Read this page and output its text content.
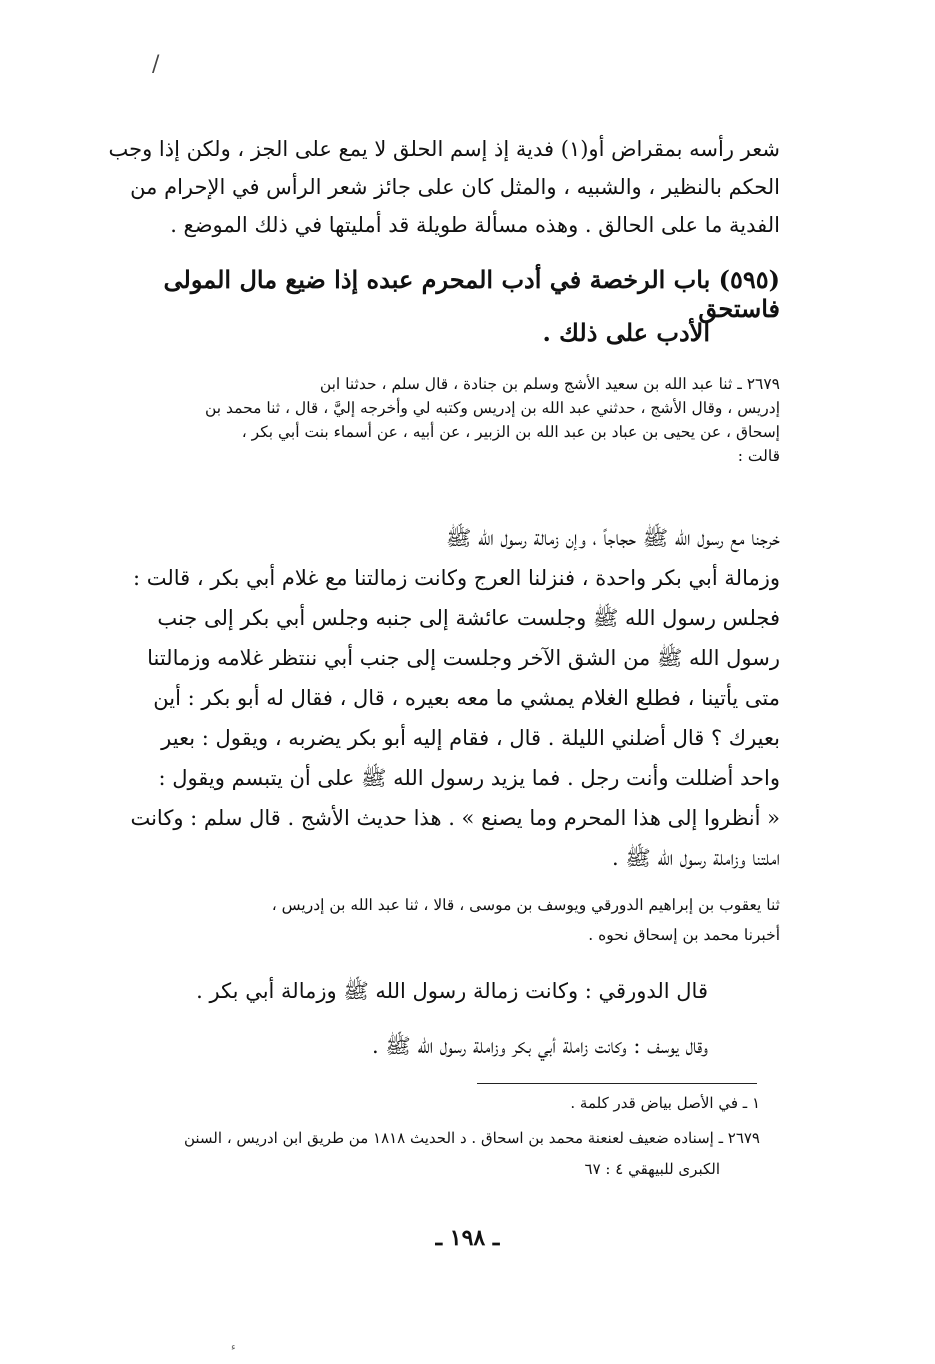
/
شعر رأسه بمقراض أو(١) فدية إذ إسم الحلق لا يمع على الجز ، ولكن إذا وجب
الحكم بالنظير ، والشبيه ، والمثل كان على جائز شعر الرأس في الإحرام من
الفدية ما على الحالق . وهذه مسألة طويلة قد أمليتها في ذلك الموضع .
(٥٩٥) باب الرخصة في أدب المحرم عبده إذا ضيع مال المولى فاستحق
الأدب على ذلك .
٢٦٧٩ ـ ثنا عبد الله بن سعيد الأشج وسلم بن جنادة ، قال سلم ، حدثنا ابن
إدريس ، وقال الأشج ، حدثني عبد الله بن إدريس وكتبه لي وأخرجه إليَّ ، قال ، ثنا محمد بن
إسحاق ، عن يحيى بن عباد بن عبد الله بن الزبير ، عن أبيه ، عن أسماء بنت أبي بكر ،
قالت :
خرجنا مع رسول الله ﷺ حجاجاً ، وإن زمالة رسول الله ﷺ
وزمالة أبي بكر واحدة ، فنزلنا العرج وكانت زمالتنا مع غلام أبي بكر ، قالت :
فجلس رسول الله ﷺ وجلست عائشة إلى جنبه وجلس أبي بكر إلى جنب
رسول الله ﷺ من الشق الآخر وجلست إلى جنب أبي ننتظر غلامه وزمالتنا
متى يأتينا ، فطلع الغلام يمشي ما معه بعيره ، قال ، فقال له أبو بكر : أين
بعيرك ؟ قال أضلني الليلة . قال ، فقام إليه أبو بكر يضربه ، ويقول : بعير
واحد أضللت وأنت رجل . فما يزيد رسول الله ﷺ على أن يتبسم ويقول :
« أنظروا إلى هذا المحرم وما يصنع » . هذا حديث الأشج . قال سلم : وكانت
املتنا وزاملة رسول الله ﷺ .
ثنا يعقوب بن إبراهيم الدورقي ويوسف بن موسى ، قالا ، ثنا عبد الله بن إدريس ،
أخبرنا محمد بن إسحاق نحوه .
قال الدورقي : وكانت زمالة رسول الله ﷺ وزمالة أبي بكر .
وقال يوسف : وكانت زاملة أبي بكر وزاملة رسول الله ﷺ .
١ ـ في الأصل بياض قدر كلمة .
٢٦٧٩ ـ إسناده ضعيف لعنعنة محمد بن اسحاق . د الحديث ١٨١٨ من طريق ابن ادريس ، السنن
الكبرى للبيهقي ٤ : ٦٧
ـ ١٩٨ ـ
ء
